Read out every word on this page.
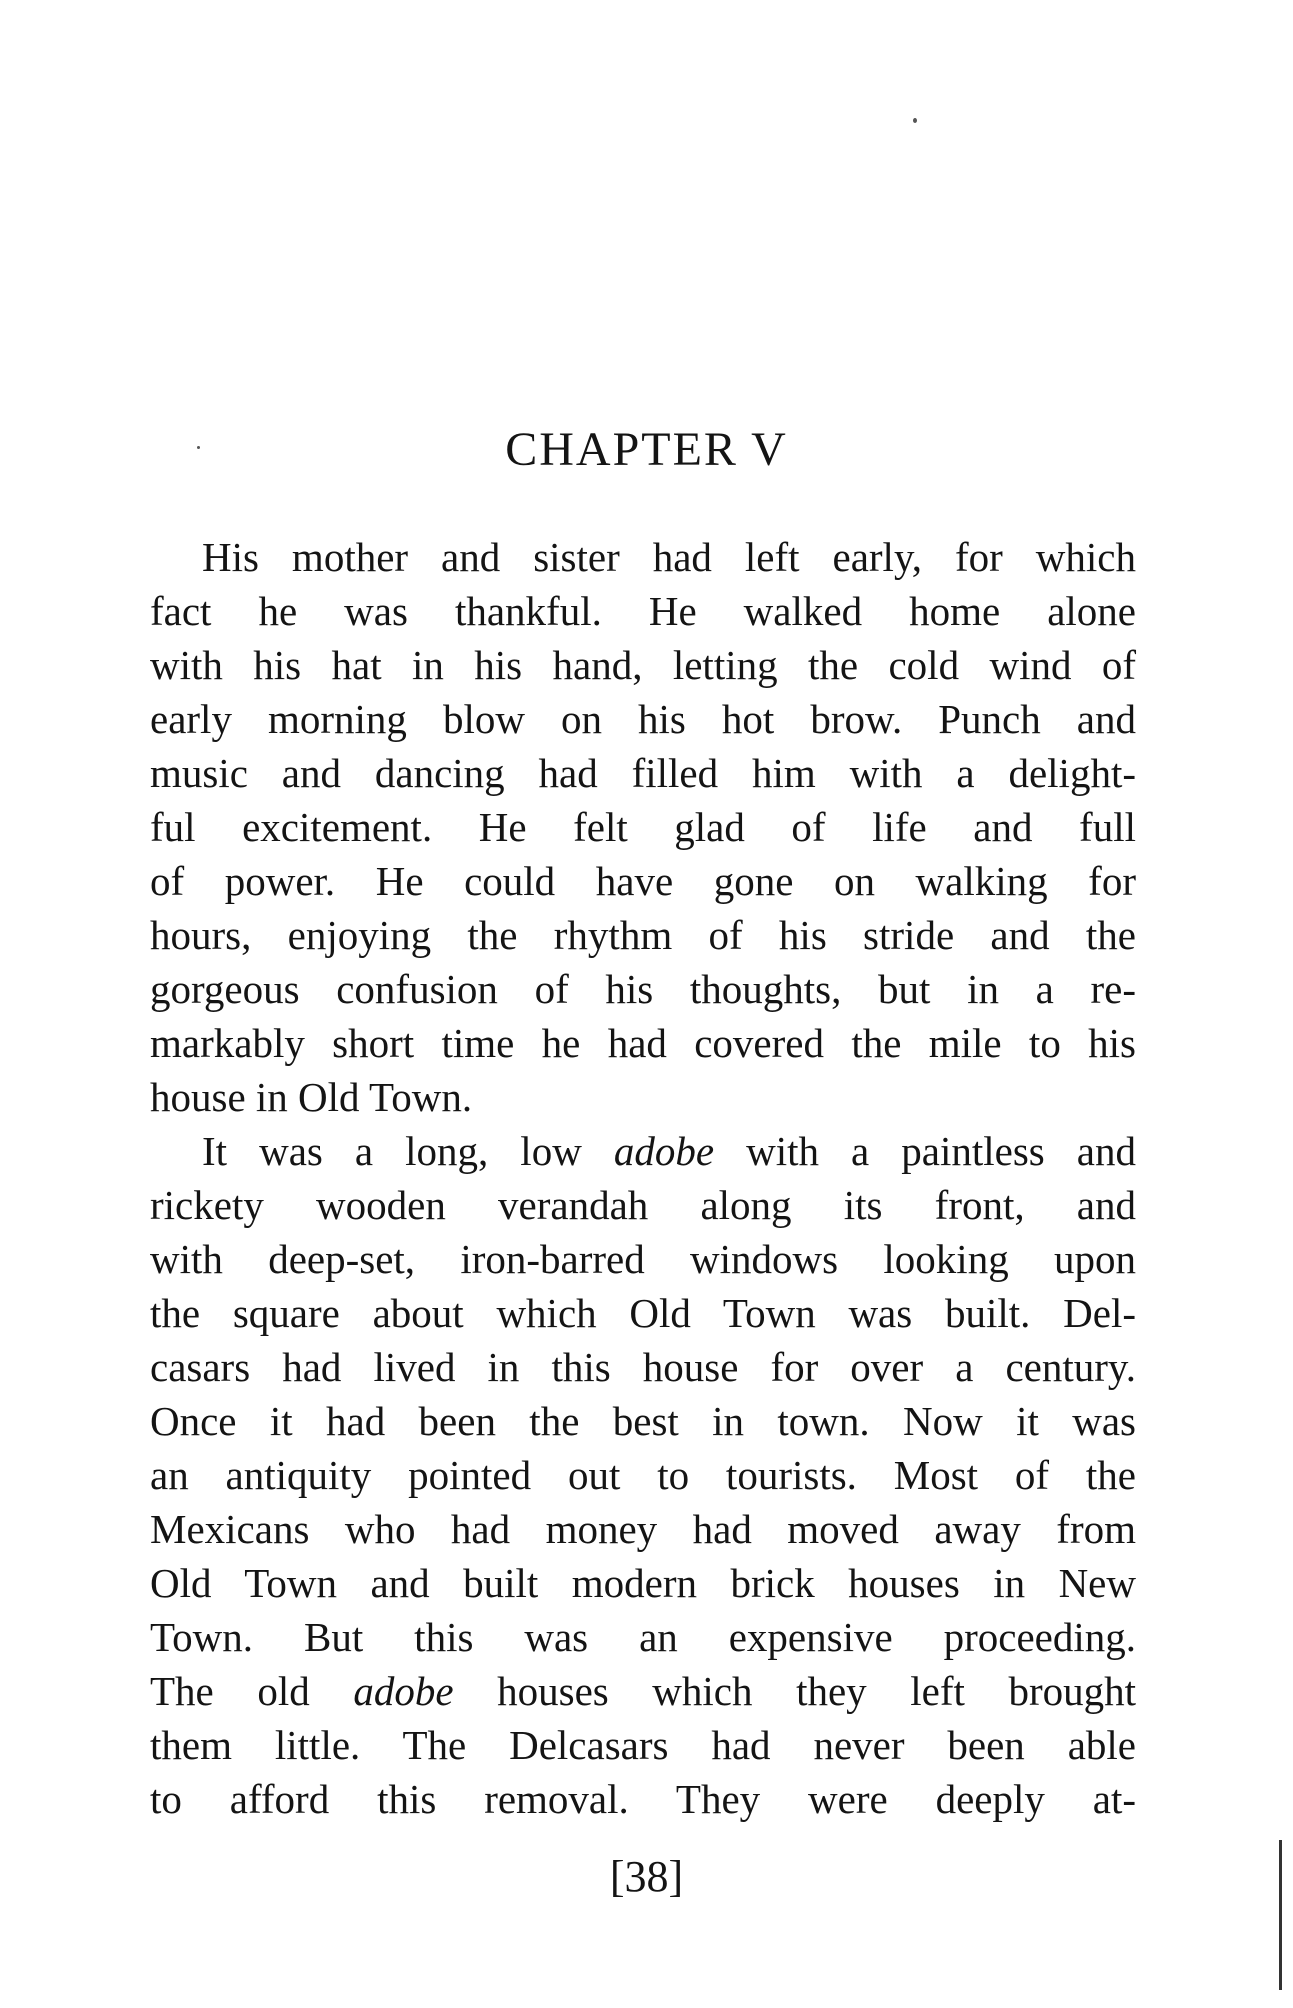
CHAPTER V
His mother and sister had left early, for which
fact he was thankful. He walked home alone
with his hat in his hand, letting the cold wind of
early morning blow on his hot brow. Punch and
music and dancing had filled him with a delight-
ful excitement. He felt glad of life and full
of power. He could have gone on walking for
hours, enjoying the rhythm of his stride and the
gorgeous confusion of his thoughts, but in a re-
markably short time he had covered the mile to his
house in Old Town.
It was a long, low adobe with a paintless and
rickety wooden verandah along its front, and
with deep-set, iron-barred windows looking upon
the square about which Old Town was built. Del-
casars had lived in this house for over a century.
Once it had been the best in town. Now it was
an antiquity pointed out to tourists. Most of the
Mexicans who had money had moved away from
Old Town and built modern brick houses in New
Town. But this was an expensive proceeding.
The old adobe houses which they left brought
them little. The Delcasars had never been able
to afford this removal. They were deeply at-
[38]
